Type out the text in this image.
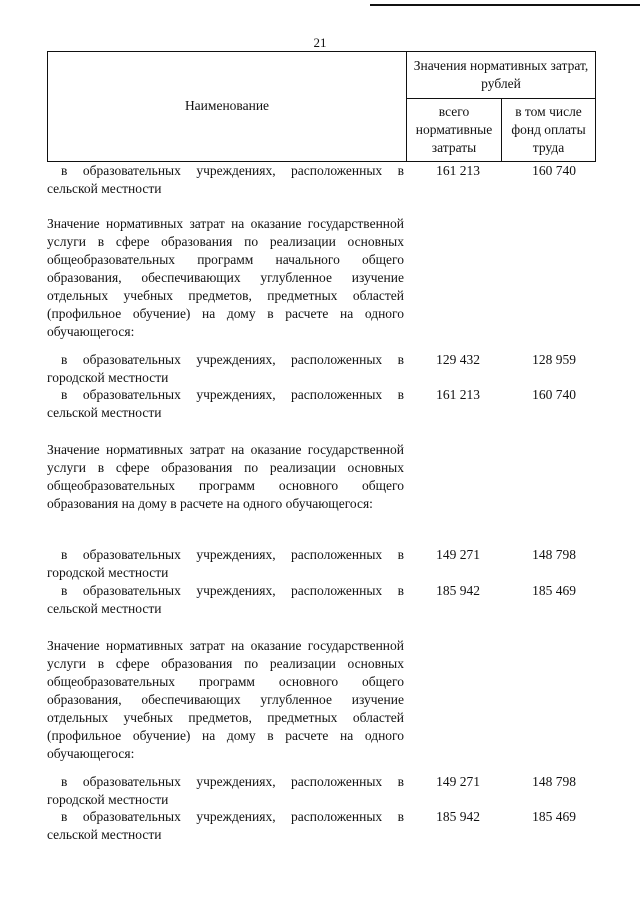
21
Наименование
Значения нормативных затрат, рублей
всего нормативные затраты
в том числе фонд оплаты труда
в образовательных учреждениях, расположенных в сельской местности
161 213	160 740
Значение нормативных затрат на оказание государственной услуги в сфере образования по реализации основных общеобразовательных программ начального общего образования, обеспечивающих углубленное изучение отдельных учебных предметов, предметных областей (профильное обучение) на дому в расчете на одного обучающегося:
в образовательных учреждениях, расположенных в городской местности
129 432	128 959
в образовательных учреждениях, расположенных в сельской местности
161 213	160 740
Значение нормативных затрат на оказание государственной услуги в сфере образования по реализации основных общеобразовательных программ основного общего образования на дому в расчете на одного обучающегося:
в образовательных учреждениях, расположенных в городской местности
149 271	148 798
в образовательных учреждениях, расположенных в сельской местности
185 942	185 469
Значение нормативных затрат на оказание государственной услуги в сфере образования по реализации основных общеобразовательных программ основного общего образования, обеспечивающих углубленное изучение отдельных учебных предметов, предметных областей (профильное обучение) на дому в расчете на одного обучающегося:
в образовательных учреждениях, расположенных в городской местности
149 271	148 798
в образовательных учреждениях, расположенных в сельской местности
185 942	185 469
